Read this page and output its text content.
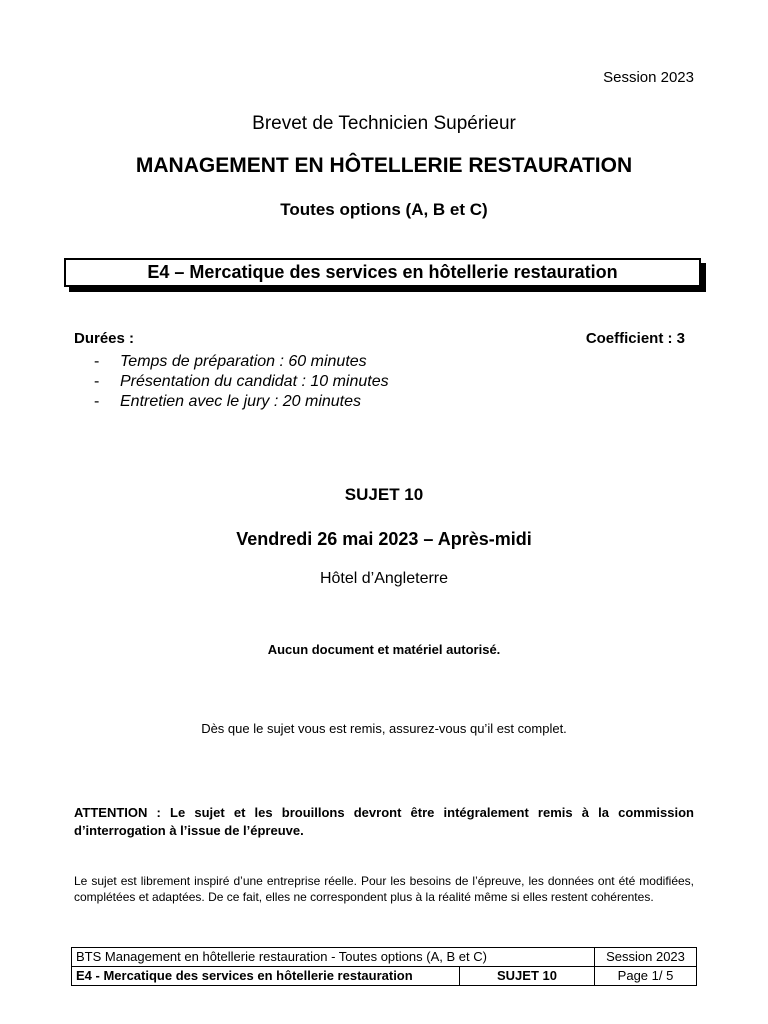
Session 2023
Brevet de Technicien Supérieur
MANAGEMENT EN HÔTELLERIE RESTAURATION
Toutes options (A, B et C)
E4 – Mercatique des services en hôtellerie restauration
Durées :	Coefficient : 3
- Temps de préparation : 60 minutes
- Présentation du candidat : 10 minutes
- Entretien avec le jury : 20 minutes
SUJET 10
Vendredi 26 mai 2023 – Après-midi
Hôtel d’Angleterre
Aucun document et matériel autorisé.
Dès que le sujet vous est remis, assurez-vous qu’il est complet.
ATTENTION : Le sujet et les brouillons devront être intégralement remis à la commission d’interrogation à l’issue de l’épreuve.
Le sujet est librement inspiré d’une entreprise réelle. Pour les besoins de l’épreuve, les données ont été modifiées, complétées et adaptées. De ce fait, elles ne correspondent plus à la réalité même si elles restent cohérentes.
BTS Management en hôtellerie restauration - Toutes options (A, B et C)		Session 2023
E4 - Mercatique des services en hôtellerie restauration	SUJET 10	Page 1/ 5
